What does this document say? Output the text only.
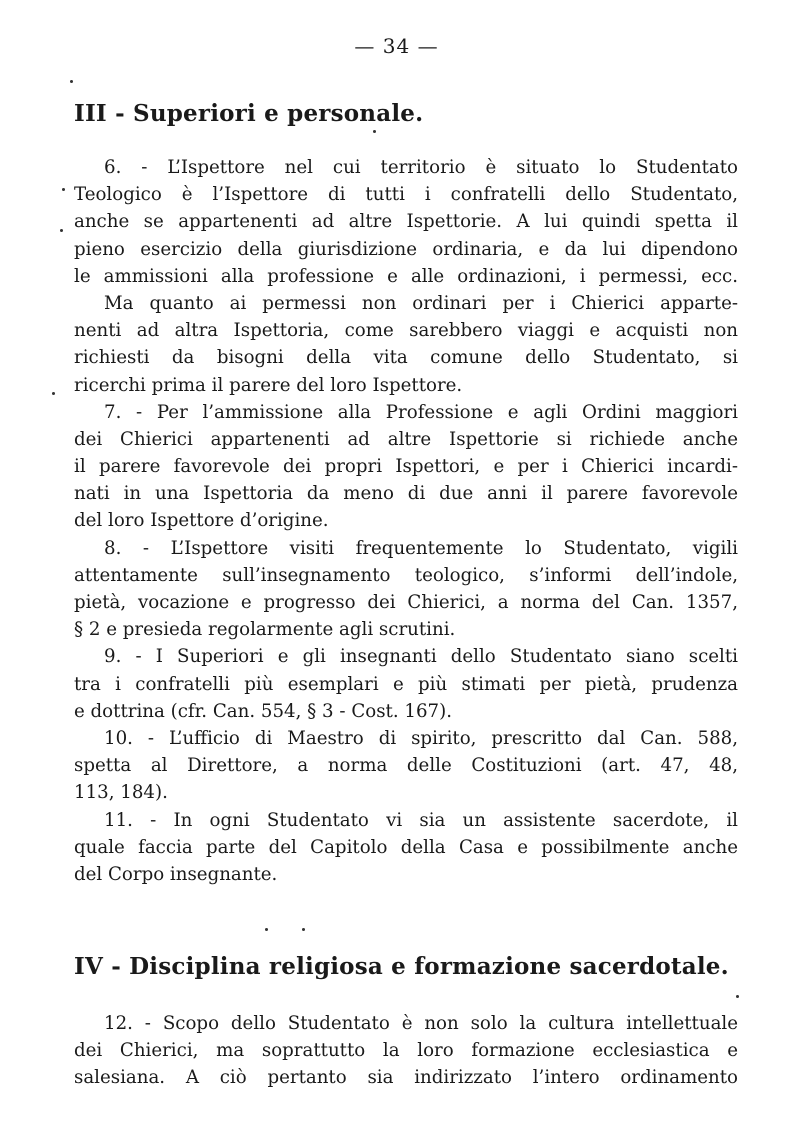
— 34 —
III - Superiori e personale.
6. - L’Ispettore nel cui territorio è situato lo Studentato
Teologico è l’Ispettore di tutti i confratelli dello Studentato,
anche se appartenenti ad altre Ispettorie. A lui quindi spetta il
pieno esercizio della giurisdizione ordinaria, e da lui dipendono
le ammissioni alla professione e alle ordinazioni, i permessi, ecc.
Ma quanto ai permessi non ordinari per i Chierici apparte-
nenti ad altra Ispettoria, come sarebbero viaggi e acquisti non
richiesti da bisogni della vita comune dello Studentato, si
ricerchi prima il parere del loro Ispettore.
7. - Per l’ammissione alla Professione e agli Ordini maggiori
dei Chierici appartenenti ad altre Ispettorie si richiede anche
il parere favorevole dei propri Ispettori, e per i Chierici incardi-
nati in una Ispettoria da meno di due anni il parere favorevole
del loro Ispettore d’origine.
8. - L’Ispettore visiti frequentemente lo Studentato, vigili
attentamente sull’insegnamento teologico, s’informi dell’indole,
pietà, vocazione e progresso dei Chierici, a norma del Can. 1357,
§ 2 e presieda regolarmente agli scrutini.
9. - I Superiori e gli insegnanti dello Studentato siano scelti
tra i confratelli più esemplari e più stimati per pietà, prudenza
e dottrina (cfr. Can. 554, § 3 - Cost. 167).
10. - L’ufficio di Maestro di spirito, prescritto dal Can. 588,
spetta al Direttore, a norma delle Costituzioni (art. 47, 48,
113, 184).
11. - In ogni Studentato vi sia un assistente sacerdote, il
quale faccia parte del Capitolo della Casa e possibilmente anche
del Corpo insegnante.
IV - Disciplina religiosa e formazione sacerdotale.
12. - Scopo dello Studentato è non solo la cultura intellettuale
dei Chierici, ma soprattutto la loro formazione ecclesiastica e
salesiana. A ciò pertanto sia indirizzato l’intero ordinamento
